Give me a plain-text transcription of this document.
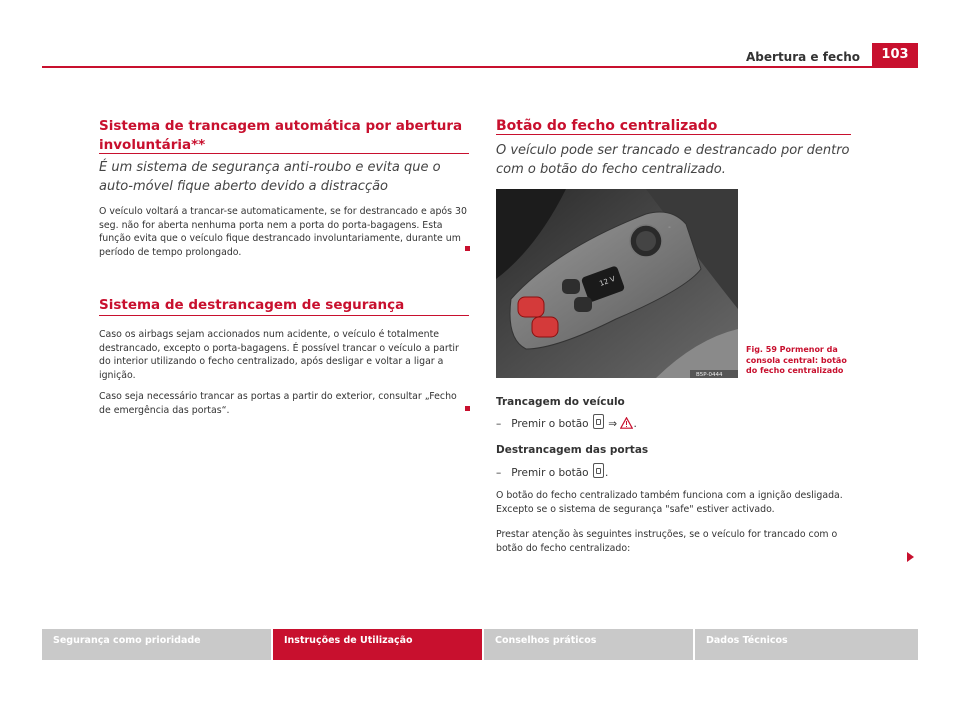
Abertura e fecho	103
Sistema de trancagem automática por abertura involuntária**
É um sistema de segurança anti-roubo e evita que o auto-móvel fique aberto devido a distracção
O veículo voltará a trancar-se automaticamente, se for destrancado e após 30 seg. não for aberta nenhuma porta nem a porta do porta-bagagens. Esta função evita que o veículo fique destrancado involuntariamente, durante um período de tempo prolongado.
Sistema de destrancagem de segurança
Caso os airbags sejam accionados num acidente, o veículo é totalmente destrancado, excepto o porta-bagagens. É possível trancar o veículo a partir do interior utilizando o fecho centralizado, após desligar e voltar a ligar a ignição.
Caso seja necessário trancar as portas a partir do exterior, consultar „Fecho de emergência das portas“.
Botão do fecho centralizado
O veículo pode ser trancado e destrancado por dentro com o botão do fecho centralizado.
◦
12 V
B5P-0444
Fig. 59 Pormenor da consola central: botão do fecho centralizado
Trancagem do veículo
– Premir o botão ⇒ .
Destrancagem das portas
– Premir o botão .
O botão do fecho centralizado também funciona com a ignição desligada. Excepto se o sistema de segurança "safe" estiver activado.
Prestar atenção às seguintes instruções, se o veículo for trancado com o botão do fecho centralizado:
Segurança como prioridade	Instruções de Utilização	Conselhos práticos	Dados Técnicos
